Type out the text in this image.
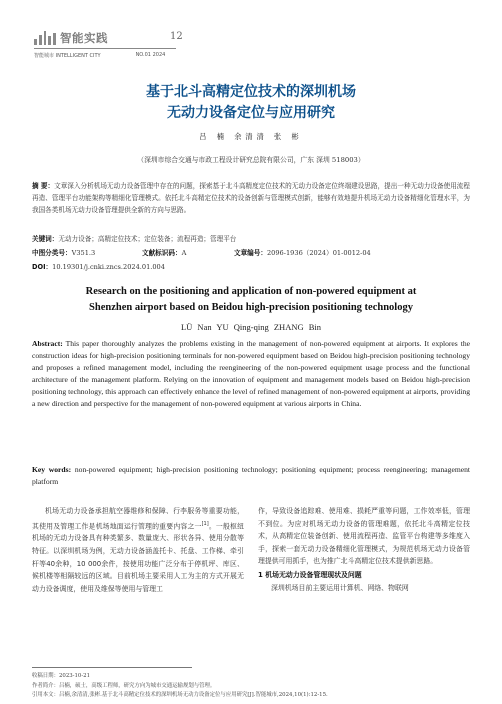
智能实践	12
智能城市 INTELLIGENT CITY	NO.01 2024
基于北斗高精定位技术的深圳机场
无动力设备定位与应用研究
吕 楠 余清清 张 彬
（深圳市综合交通与市政工程设计研究总院有限公司，广东 深圳 518003）

摘 要：文章深入分析机场无动力设备管理中存在的问题，探索基于北斗高精度定位技术的无动力设备定位终端建设思路，提出一种无动力设备使用流程再造、管理平台功能架构等精细化管理模式。依托北斗高精定位技术的设备创新与管理模式创新，能够有效地提升机场无动力设备精细化管理水平，为我国各类机场无动力设备管理提供全新的方向与思路。

关键词：无动力设备；高精定位技术；定位装备；流程再造；管理平台

中图分类号：V351.3	文献标识码：A	文章编号：2096-1936（2024）01-0012-04
DOI：10.19301/j.cnki.zncs.2024.01.004
Research on the positioning and application of non-powered equipment at
Shenzhen airport based on Beidou high-precision positioning technology
LÜ Nan YU Qing-qing ZHANG Bin

Abstract: This paper thoroughly analyzes the problems existing in the management of non-powered equipment at airports. It explores the construction ideas for high-precision positioning terminals for non-powered equipment based on Beidou high-precision positioning technology and proposes a refined management model, including the reengineering of the non-powered equipment usage process and the functional architecture of the management platform. Relying on the innovation of equipment and management models based on Beidou high-precision positioning technology, this approach can effectively enhance the level of refined management of non-powered equipment at airports, providing a new direction and perspective for the management of non-powered equipment at various airports in China.

Key words: non-powered equipment; high-precision positioning technology; positioning equipment; process reengineering; management platform

机场无动力设备承担航空器维修和保障、行李服务等重要功能，其使用及管理工作是机场地面运行管理的重要内容之一[1]。一般枢纽机场的无动力设备具有种类繁多、数量庞大、形状各异、使用分散等特征。以深圳机场为例，无动力设备涵盖托卡、托盘、工作梯、牵引杆等40余种，10 000余件，按使用功能广泛分布于停机坪、库区、候机楼等相隔较远的区域。目前机场主要采用人工为主的方式开展无动力设备调度，使用及维保等使用与管理工
作，导致设备追踪难、使用难、损耗严重等问题，工作效率低，管理不到位。为应对机场无动力设备的管理难题，依托北斗高精定位技术，从高精定位装备创新、使用流程再造、监管平台构建等多维度入手，探索一套无动力设备精细化管理模式，为规范机场无动力设备管理提供可用抓手，也为推广北斗高精定位技术提供新思路。
1 机场无动力设备管理现状及问题
深圳机场目前主要运用计算机、网络、物联网
收稿日期：2023-10-21
作者简介：吕楠，硕士，高级工程师，研究方向为城市交通运输规划与管理。
引用本文：吕楠,余清清,张彬.基于北斗高精定位技术的深圳机场无动力设备定位与应用研究[J].智能城市,2024,10(1):12-15.
